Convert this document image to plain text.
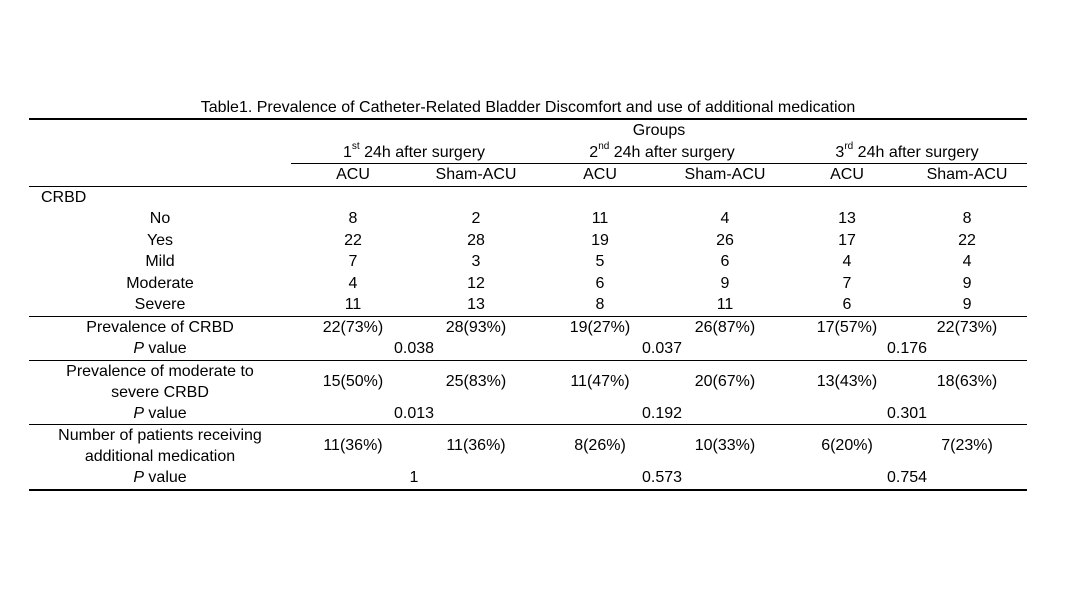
Table1. Prevalence of Catheter-Related Bladder Discomfort and use of additional medication

	Groups					
	1st 24h after surgery		2nd 24h after surgery		3rd 24h after surgery	
	ACU	Sham-ACU	ACU	Sham-ACU	ACU	Sham-ACU
CRBD						
No	8	2	11	4	13	8
Yes	22	28	19	26	17	22
Mild	7	3	5	6	4	4
Moderate	4	12	6	9	7	9
Severe	11	13	8	11	6	9
Prevalence of CRBD	22(73%)	28(93%)	19(27%)	26(87%)	17(57%)	22(73%)
P value	0.038		0.037		0.176	
Prevalence of moderate to
severe CRBD	15(50%)	25(83%)	11(47%)	20(67%)	13(43%)	18(63%)
P value	0.013		0.192		0.301	
Number of patients receiving
additional medication	11(36%)	11(36%)	8(26%)	10(33%)	6(20%)	7(23%)
P value	1		0.573		0.754	
